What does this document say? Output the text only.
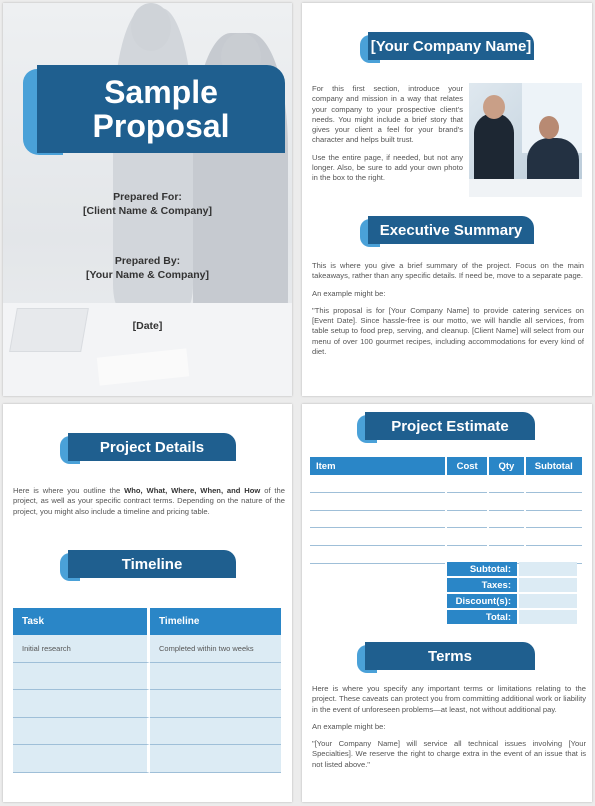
Sample
Proposal
Prepared For:
[Client Name & Company]
Prepared By:
[Your Name & Company]
[Date]
[Your Company Name]

For this first section, introduce your company and mission in a way that relates your company to your prospective client's needs. You might include a brief story that gives your client a feel for your brand's character and helps built trust.

Use the entire page, if needed, but not any longer. Also, be sure to add your own photo in the box to the right.

Executive Summary

This is where you give a brief summary of the project. Focus on the main takeaways, rather than any specific details. If need be, move to a separate page.

An example might be:

"This proposal is for [Your Company Name] to provide catering services on [Event Date]. Since hassle-free is our motto, we will handle all services, from table setup to food prep, serving, and cleanup. [Client Name] will select from our menu of over 100 gourmet recipes, including accommodations for every kind of diet.

Project Details

Here is where you outline the Who, What, Where, When, and How of the project, as well as your specific contract terms. Depending on the nature of the project, you might also include a timeline and pricing table.

Timeline
Task	Timeline
Initial research	Completed within two weeks

Project Estimate
Item	Cost	Qty	Subtotal

Subtotal:	
Taxes:	
Discount(s):	
Total:	
Terms

Here is where you specify any important terms or limitations relating to the project. These caveats can protect you from committing additional work or liability in the event of unforeseen problems—at least, not without additional pay.

An example might be:

"[Your Company Name] will service all technical issues involving [Your Specialties]. We reserve the right to charge extra in the event of an issue that is not listed above."
